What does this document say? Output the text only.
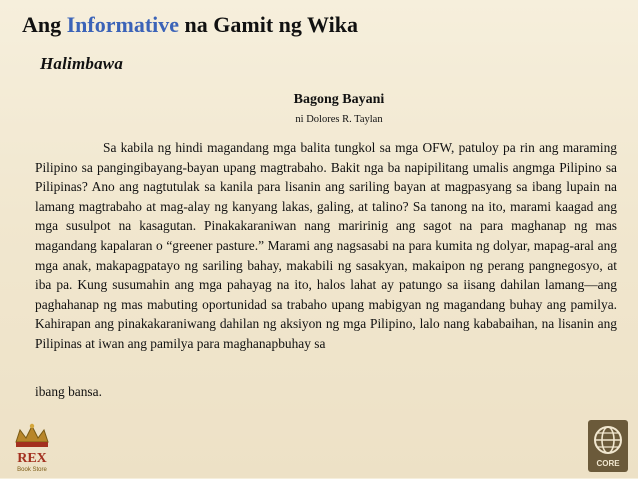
Ang Informative na Gamit ng Wika
Halimbawa
Bagong Bayani
ni Dolores R. Taylan
Sa kabila ng hindi magandang mga balita tungkol sa mga OFW, patuloy pa rin ang maraming Pilipino sa pangingibayang-bayan upang magtrabaho. Bakit nga ba napipilitang umalis angmga Pilipino sa Pilipinas? Ano ang nagtutulak sa kanila para lisanin ang sariling bayan at magpasyang sa ibang lupain na lamang magtrabaho at mag-alay ng kanyang lakas, galing, at talino? Sa tanong na ito, marami kaagad ang mga susulpot na kasagutan. Pinakakaraniwan nang maririnig ang sagot na para maghanap ng mas magandang kapalaran o “greener pasture.” Marami ang nagsasabi na para kumita ng dolyar, mapag-aral ang mga anak, makapagpatayo ng sariling bahay, makabili ng sasakyan, makaipon ng perang pangnegosyo, at iba pa. Kung susumahin ang mga pahayag na ito, halos lahat ay patungo sa iisang dahilan lamang—ang paghahanap ng mas mabuting oportunidad sa trabaho upang mabigyan ng magandang buhay ang pamilya. Kahirapan ang pinakakaraniwang dahilan ng aksiyon ng mga Pilipino, lalo nang kababaihan, na lisanin ang Pilipinas at iwan ang pamilya para maghanapbuhay sa
ibang bansa.
REX
Book Store
CORE
